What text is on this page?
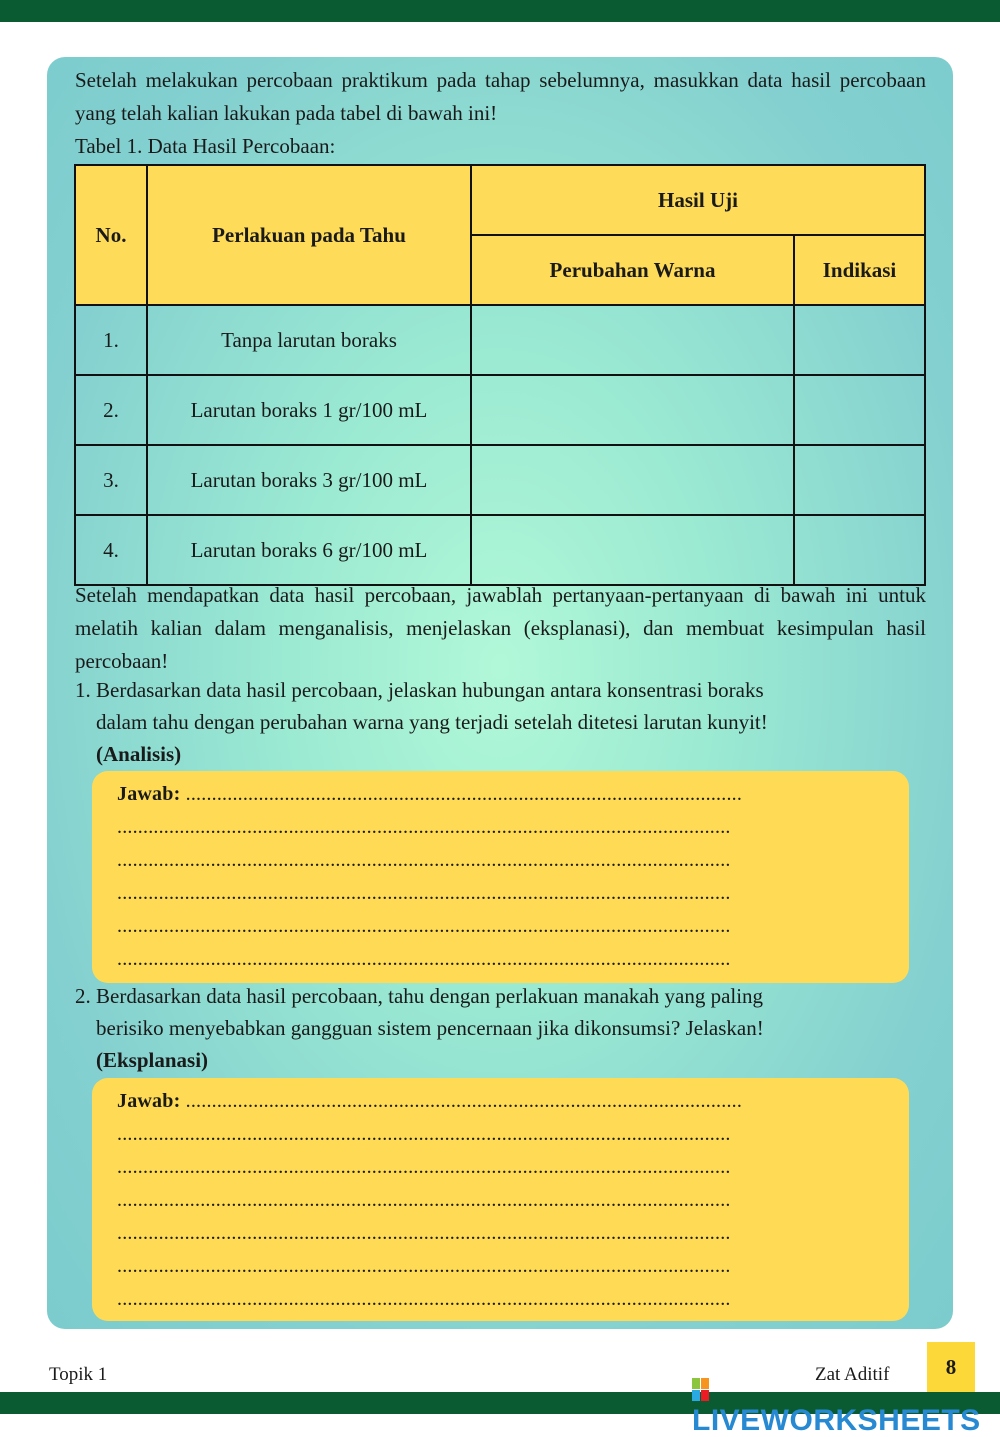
Setelah melakukan percobaan praktikum pada tahap sebelumnya, masukkan data hasil percobaan yang telah kalian lakukan pada tabel di bawah ini!

Tabel 1. Data Hasil Percobaan:

No.	Perlakuan pada Tahu	Hasil Uji	
		Perubahan Warna	Indikasi
1.	Tanpa larutan boraks		
2.	Larutan boraks 1 gr/100 mL		
3.	Larutan boraks 3 gr/100 mL		
4.	Larutan boraks 6 gr/100 mL		

Setelah mendapatkan data hasil percobaan, jawablah pertanyaan-pertanyaan di bawah ini untuk melatih kalian dalam menganalisis, menjelaskan (eksplanasi), dan membuat kesimpulan hasil percobaan!

1. Berdasarkan data hasil percobaan, jelaskan hubungan antara konsentrasi boraks
dalam tahu dengan perubahan warna yang terjadi setelah ditetesi larutan kunyit!
(Analisis)
Jawab: ...........................................................................................................
......................................................................................................................
......................................................................................................................
......................................................................................................................
......................................................................................................................
......................................................................................................................
2. Berdasarkan data hasil percobaan, tahu dengan perlakuan manakah yang paling
berisiko menyebabkan gangguan sistem pencernaan jika dikonsumsi? Jelaskan!
(Eksplanasi)
Jawab: ...........................................................................................................
......................................................................................................................
......................................................................................................................
......................................................................................................................
......................................................................................................................
......................................................................................................................
......................................................................................................................
Topik 1	Zat Aditif	8
LIVEWORKSHEETS
